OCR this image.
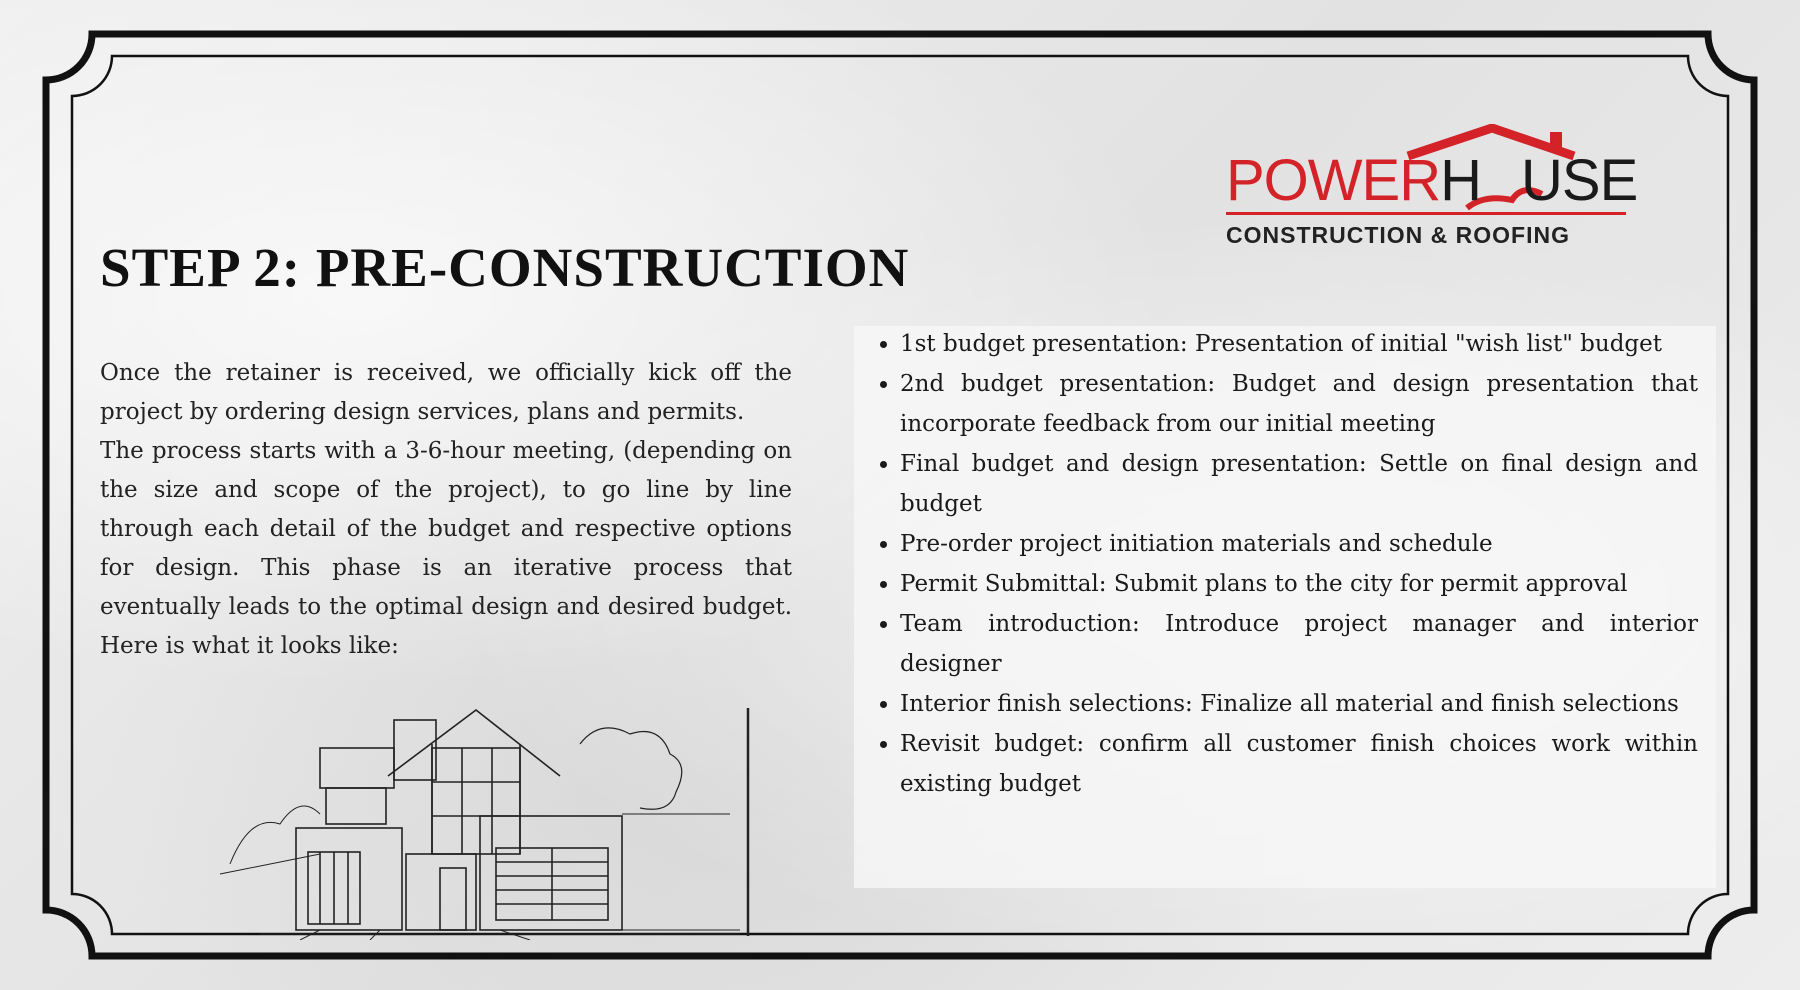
STEP 2: PRE-CONSTRUCTION
POWERH USE
CONSTRUCTION & ROOFING

Once the retainer is received, we officially kick off the project by ordering design services, plans and permits.

The process starts with a 3-6-hour meeting, (depending on the size and scope of the project), to go line by line through each detail of the budget and respective options for design. This phase is an iterative process that eventually leads to the optimal design and desired budget. Here is what it looks like:

• 1st budget presentation: Presentation of initial "wish list" budget
• 2nd budget presentation: Budget and design presentation that incorporate feedback from our initial meeting
• Final budget and design presentation: Settle on final design and budget
• Pre-order project initiation materials and schedule
• Permit Submittal: Submit plans to the city for permit approval
• Team introduction: Introduce project manager and interior designer
• Interior finish selections: Finalize all material and finish selections
• Revisit budget: confirm all customer finish choices work within existing budget
